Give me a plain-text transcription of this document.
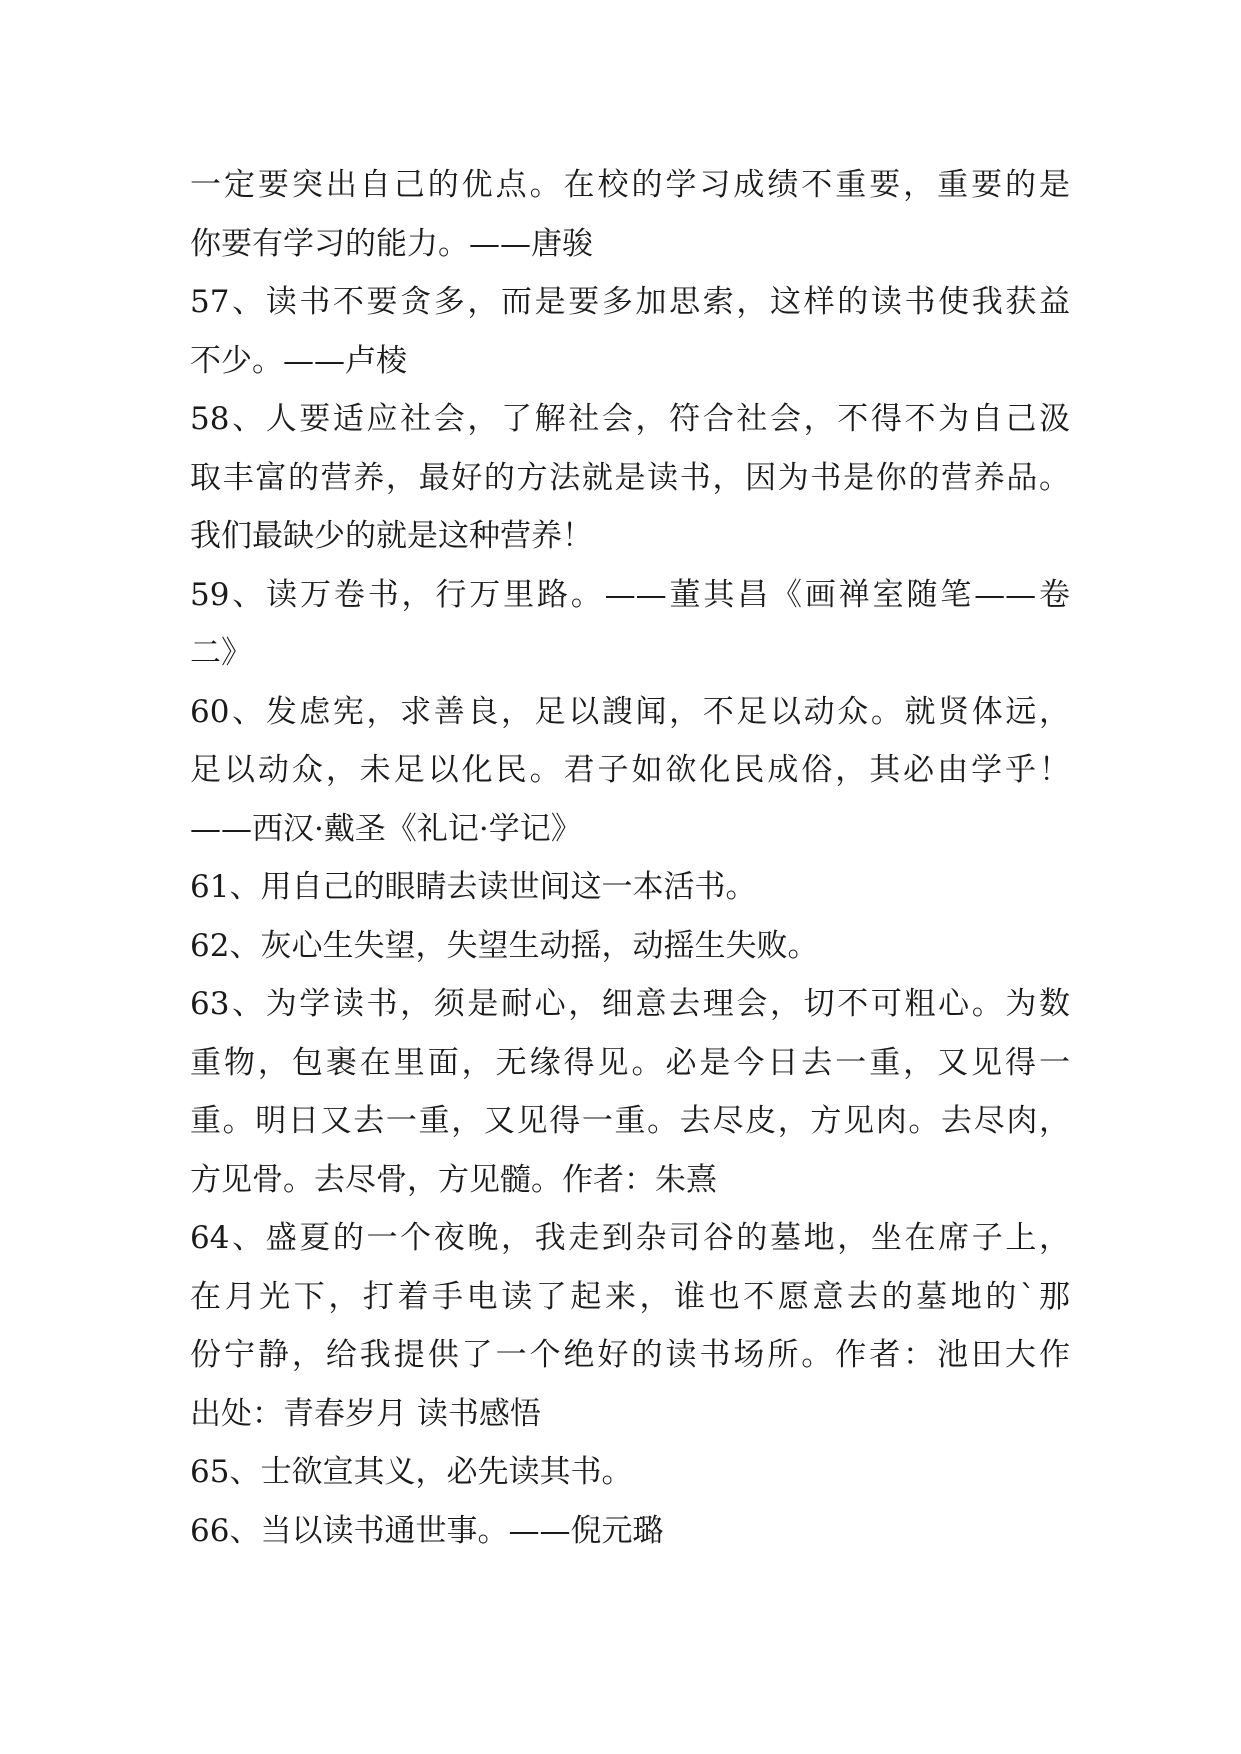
一定要突出自己的优点。在校的学习成绩不重要，重要的是
你要有学习的能力。——唐骏
57、读书不要贪多，而是要多加思索，这样的读书使我获益
不少。——卢棱
58、人要适应社会，了解社会，符合社会，不得不为自己汲
取丰富的营养，最好的方法就是读书，因为书是你的营养品。
我们最缺少的就是这种营养！
59、读万卷书，行万里路。——董其昌《画禅室随笔——卷
二》
60、发虑宪，求善良，足以謏闻，不足以动众。就贤体远，
足以动众，未足以化民。君子如欲化民成俗，其必由学乎！
——西汉·戴圣《礼记·学记》
61、用自己的眼睛去读世间这一本活书。
62、灰心生失望，失望生动摇，动摇生失败。
63、为学读书，须是耐心，细意去理会，切不可粗心。为数
重物，包裹在里面，无缘得见。必是今日去一重，又见得一
重。明日又去一重，又见得一重。去尽皮，方见肉。去尽肉，
方见骨。去尽骨，方见髓。作者：朱熹
64、盛夏的一个夜晚，我走到杂司谷的墓地，坐在席子上，
在月光下，打着手电读了起来，谁也不愿意去的墓地的`那
份宁静，给我提供了一个绝好的读书场所。作者：池田大作
出处：青春岁月 读书感悟
65、士欲宣其义，必先读其书。
66、当以读书通世事。——倪元璐
